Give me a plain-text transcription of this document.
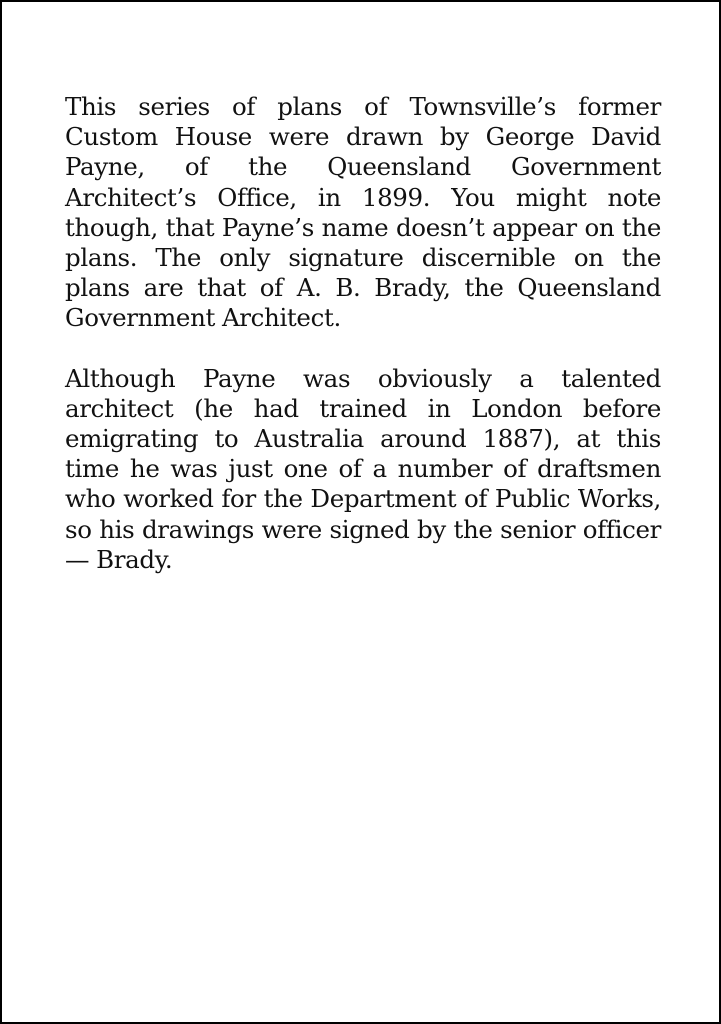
This series of plans of Townsville’s former Custom House were drawn by George David Payne, of the Queensland Government Architect’s Office, in 1899. You might note though, that Payne’s name doesn’t appear on the plans. The only signature discernible on the plans are that of A. B. Brady, the Queensland Government Architect.

Although Payne was obviously a talented architect (he had trained in London before emigrating to Australia around 1887), at this time he was just one of a number of draftsmen who worked for the Department of Public Works, so his drawings were signed by the senior officer — Brady.
